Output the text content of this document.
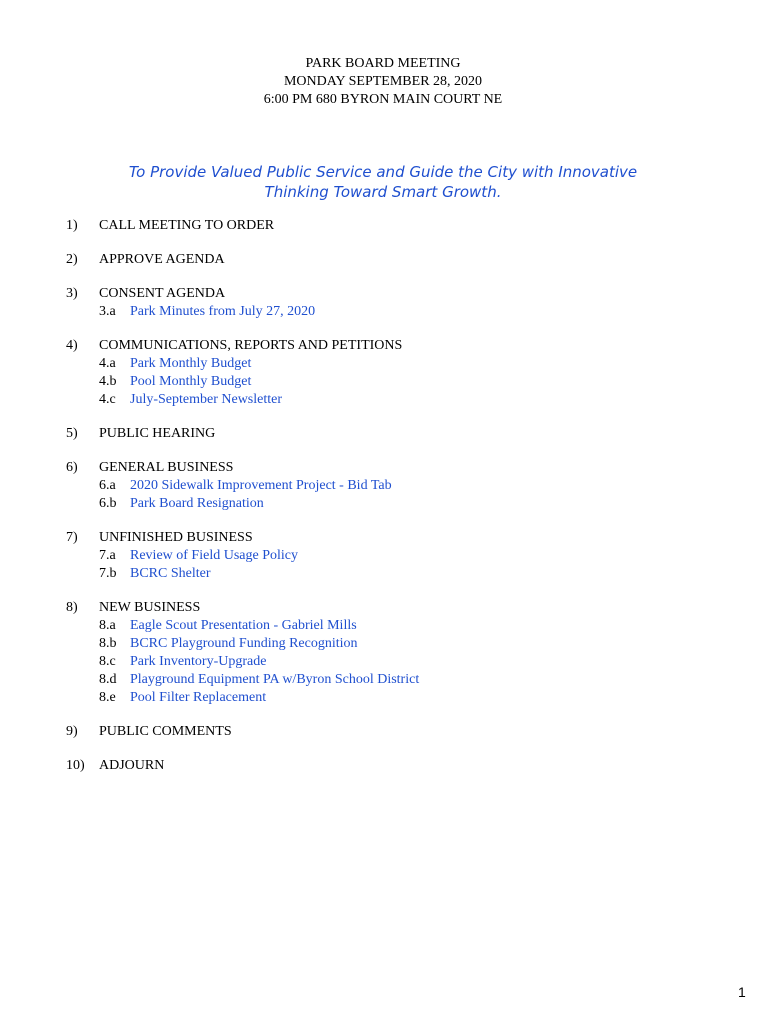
PARK BOARD MEETING
MONDAY SEPTEMBER 28, 2020
6:00 PM 680 BYRON MAIN COURT NE
To Provide Valued Public Service and Guide the City with Innovative
Thinking Toward Smart Growth.
1)	CALL MEETING TO ORDER
2)	APPROVE AGENDA
3)	CONSENT AGENDA
3.a	Park Minutes from July 27, 2020
4)	COMMUNICATIONS, REPORTS AND PETITIONS
4.a	Park Monthly Budget
4.b Pool Monthly Budget
4.c	July-September Newsletter
5)	PUBLIC HEARING
6)	GENERAL BUSINESS
6.a	2020 Sidewalk Improvement Project - Bid Tab
6.b Park Board Resignation
7)	UNFINISHED BUSINESS
7.a	Review of Field Usage Policy
7.b BCRC Shelter
8)	NEW BUSINESS
8.a	Eagle Scout Presentation - Gabriel Mills
8.b BCRC Playground Funding Recognition
8.c	Park Inventory-Upgrade
8.d Playground Equipment PA w/Byron School District
8.e	Pool Filter Replacement
9)	PUBLIC COMMENTS
10)	ADJOURN
1
